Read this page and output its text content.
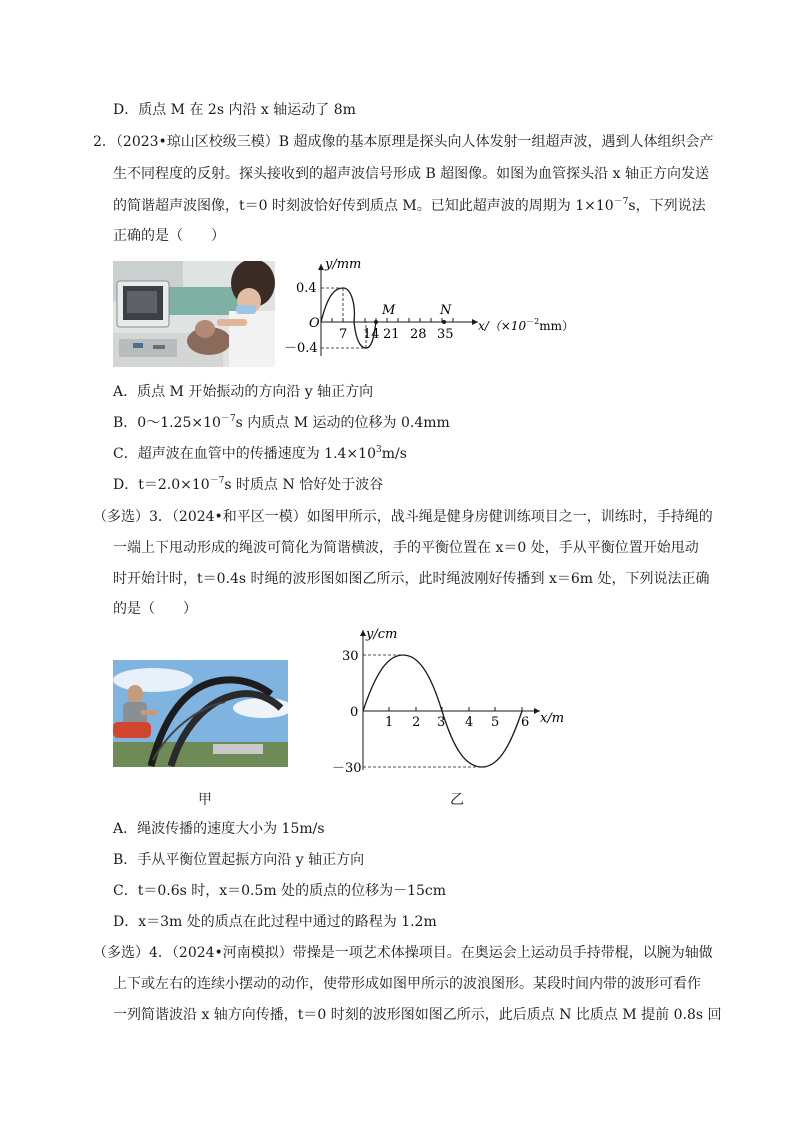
D．质点 M 在 2s 内沿 x 轴运动了 8m
2．（2023•琼山区校级三模）B 超成像的基本原理是探头向人体发射一组超声波，遇到人体组织会产
生不同程度的反射。探头接收到的超声波信号形成 B 超图像。如图为血管探头沿 x 轴正方向发送
的简谐超声波图像，t＝0 时刻波恰好传到质点 M。已知此超声波的周期为 $1\times 10^{-7}s$，下列说法
正确的是（　　）
y/mm
O
0.4
－0.4
7 14 21 28 35
M	N
$x/(\times 10^{-2}mm)$
A．质点 M 开始振动的方向沿 y 轴正方向
B．$0\sim 1.25\times 10^{-7}s$ 内质点 M 运动的位移为 0.4mm
C．超声波在血管中的传播速度为 $1.4\times 10^3m/s$
D．$t=2.0\times 10^{-7}s$ 时质点 N 恰好处于波谷
（多选）3．（2024•和平区一模）如图甲所示，战斗绳是健身房健训练项目之一，训练时，手持绳的
一端上下甩动形成的绳波可简化为简谐横波，手的平衡位置在 x＝0 处，手从平衡位置开始甩动
时开始计时，t＝0.4s 时绳的波形图如图乙所示，此时绳波刚好传播到 x＝6m 处，下列说法正确
的是（　　）
y/cm
30
0
－30
1 2 3 4 5 6 x/m
甲	乙
A．绳波传播的速度大小为 15m/s
B．手从平衡位置起振方向沿 y 轴正方向
C．t＝0.6s 时，x＝0.5m 处的质点的位移为－15cm
D．x＝3m 处的质点在此过程中通过的路程为 1.2m
（多选）4．（2024•河南模拟）带操是一项艺术体操项目。在奥运会上运动员手持带棍，以腕为轴做
上下或左右的连续小摆动的动作，使带形成如图甲所示的波浪图形。某段时间内带的波形可看作
一列简谐波沿 x 轴方向传播，t＝0 时刻的波形图如图乙所示，此后质点 N 比质点 M 提前 0.8s 回
